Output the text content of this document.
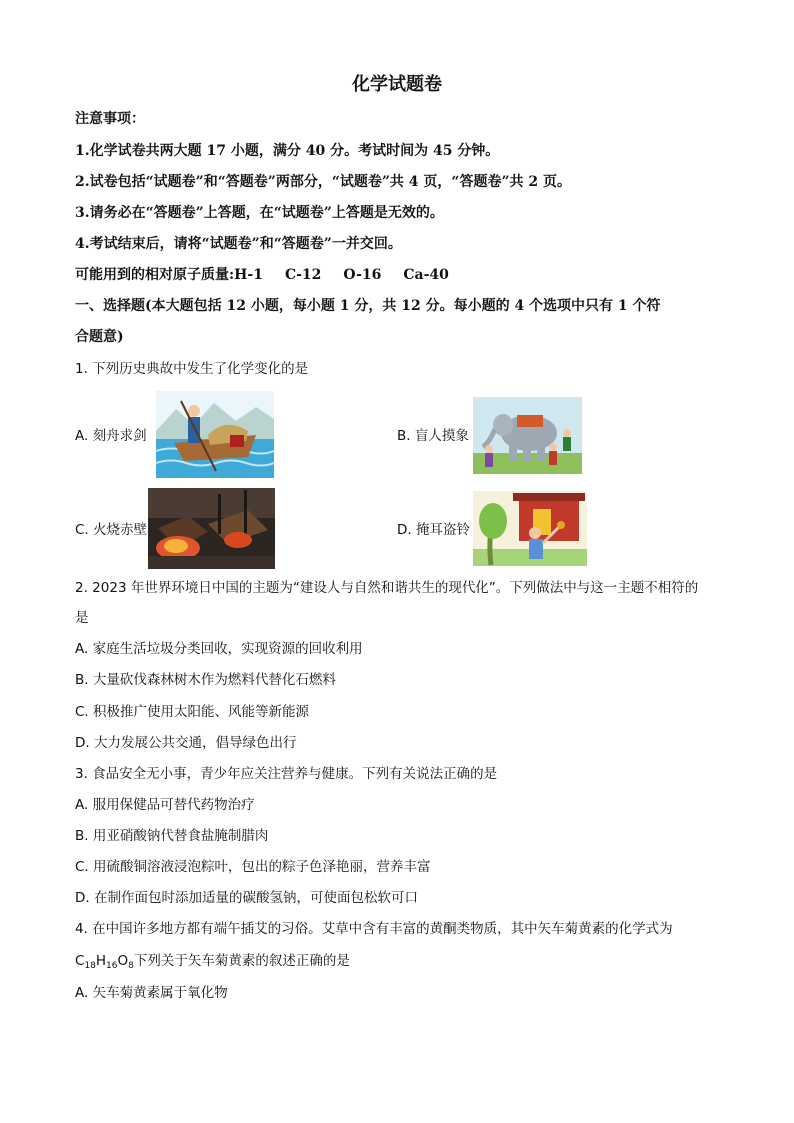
化学试题卷
注意事项：
1.化学试卷共两大题 17 小题，满分 40 分。考试时间为 45 分钟。
2.试卷包括“试题卷”和“答题卷”两部分，“试题卷”共 4 页，“答题卷”共 2 页。
3.请务必在“答题卷”上答题，在“试题卷”上答题是无效的。
4.考试结束后，请将“试题卷”和“答题卷”一并交回。
可能用到的相对原子质量:H-1 C-12 O-16 Ca-40
一、选择题(本大题包括 12 小题，每小题 1 分，共 12 分。每小题的 4 个选项中只有 1 个符
合题意)
1. 下列历史典故中发生了化学变化的是
A. 刻舟求剑	B. 盲人摸象
C. 火烧赤壁	D. 掩耳盗铃
2. 2023 年世界环境日中国的主题为“建设人与自然和谐共生的现代化”。下列做法中与这一主题不相符的
是
A. 家庭生活垃圾分类回收，实现资源的回收利用
B. 大量砍伐森林树木作为燃料代替化石燃料
C. 积极推广使用太阳能、风能等新能源
D. 大力发展公共交通，倡导绿色出行
3. 食品安全无小事，青少年应关注营养与健康。下列有关说法正确的是
A. 服用保健品可替代药物治疗
B. 用亚硝酸钠代替食盐腌制腊肉
C. 用硫酸铜溶液浸泡粽叶，包出的粽子色泽艳丽，营养丰富
D. 在制作面包时添加适量的碳酸氢钠，可使面包松软可口
4. 在中国许多地方都有端午插艾的习俗。艾草中含有丰富的黄酮类物质，其中矢车菊黄素的化学式为
$C_{18}H_{16}O_8$下列关于矢车菊黄素的叙述正确的是
A. 矢车菊黄素属于氧化物
